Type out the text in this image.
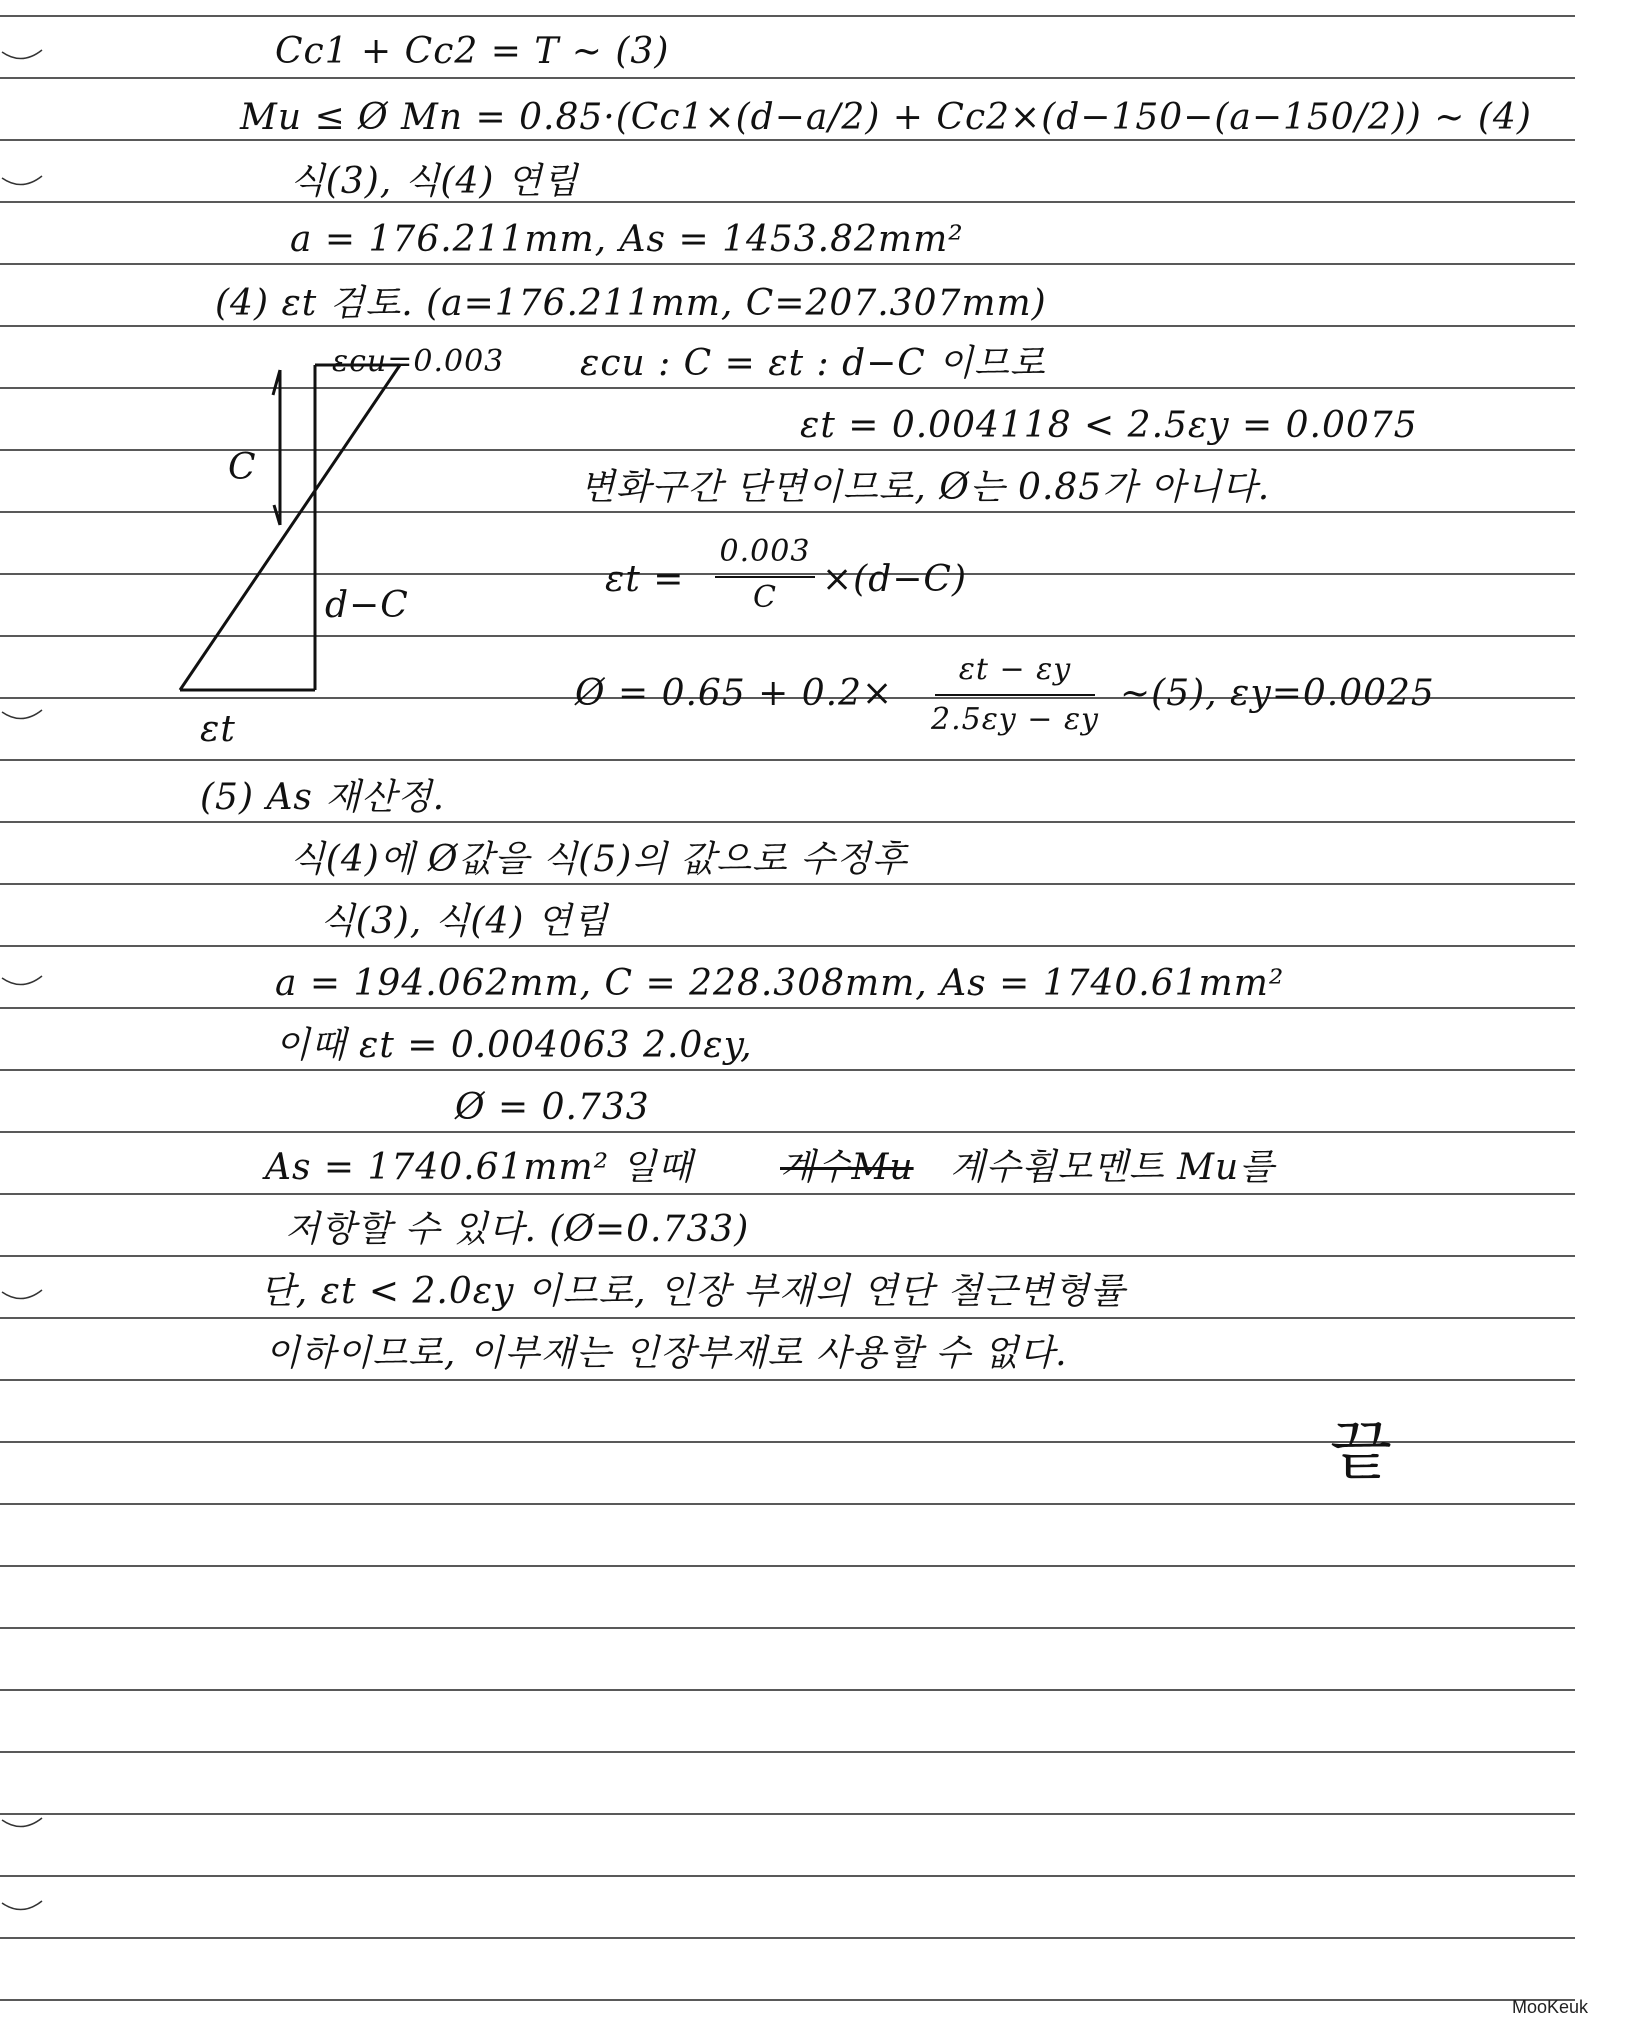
Cc1 + Cc2 = T ~ (3)
Mu ≤ Ø Mn = 0.85·(Cc1×(d−a/2) + Cc2×(d−150−(a−150/2)) ~ (4)
식(3), 식(4) 연립
a = 176.211mm, As = 1453.82mm²
(4) εt 검토. (a=176.211mm, C=207.307mm)
εcu=0.003
C
d−C
εt
εcu : C = εt : d−C 이므로
εt = 0.004118 < 2.5εy = 0.0075
변화구간 단면이므로, Ø는 0.85가 아니다.
εt =
0.003
C	×(d−C)
Ø = 0.65 + 0.2×
εt − εy
2.5εy − εy
~(5), εy=0.0025
(5) As 재산정.
식(4)에 Ø값을 식(5)의 값으로 수정후
식(3), 식(4) 연립
a = 194.062mm, C = 228.308mm, As = 1740.61mm²
이때 εt = 0.004063 2.0εy,
Ø = 0.733
As = 1740.61mm² 일때 계수Mu 계수휨모멘트 Mu를
저항할 수 있다. (Ø=0.733)
단, εt < 2.0εy 이므로, 인장 부재의 연단 철근변형률
이하이므로, 이부재는 인장부재로 사용할 수 없다.
끝
MooKeuk
